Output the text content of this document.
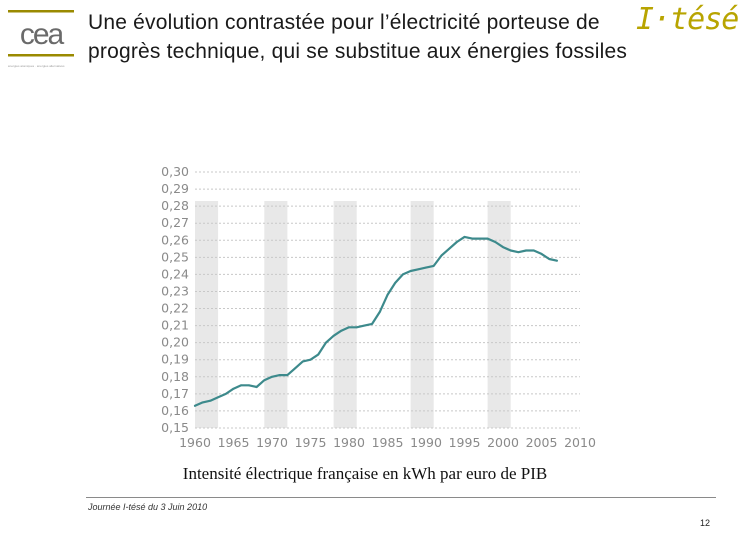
cea
énergies atomiques · énergies alternatives
Une évolution contrastée pour l’électricité porteuse de progrès technique, qui se substitue aux énergies fossiles
I·tésé
0,15
0,16
0,17
0,18
0,19
0,20
0,21
0,22
0,23
0,24
0,25
0,26
0,27
0,28
0,29
0,30
1960 1965 1970 1975 1980 1985 1990 1995 2000 2005 2010
Intensité électrique française en kWh par euro de PIB
Journée I-tésé du 3 Juin 2010
12
